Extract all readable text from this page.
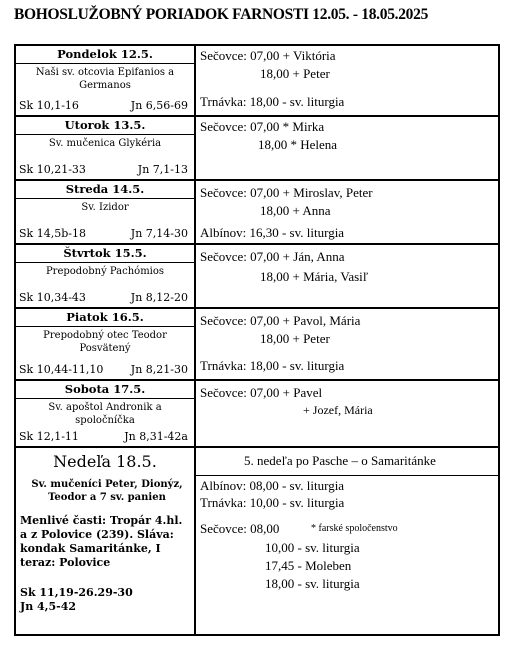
BOHOSLUŽOBNÝ PORIADOK FARNOSTI 12.05. - 18.05.2025
Pondelok 12.5.
Naši sv. otcovia Epifanios a Germanos
Sk 10,1-16	Jn 6,56-69
Sečovce: 07,00 + Viktória
18,00 + Peter
Trnávka: 18,00 - sv. liturgia
Utorok 13.5.
Sv. mučenica Glykéria
Sk 10,21-33	Jn 7,1-13
Sečovce: 07,00 * Mirka
18,00 * Helena
Streda 14.5.
Sv. Izidor
Sk 14,5b-18	Jn 7,14-30
Sečovce: 07,00 + Miroslav, Peter
18,00 + Anna
Albínov: 16,30 - sv. liturgia
Štvrtok 15.5.
Prepodobný Pachómios
Sk 10,34-43	Jn 8,12-20
Sečovce: 07,00 + Ján, Anna
18,00 + Mária, Vasiľ
Piatok 16.5.
Prepodobný otec Teodor Posvätený
Sk 10,44-11,10 Jn 8,21-30
Sečovce: 07,00 + Pavol, Mária
18,00 + Peter
Trnávka: 18,00 - sv. liturgia
Sobota 17.5.
Sv. apoštol Andronik a spoločníčka
Sk 12,1-11	Jn 8,31-42a
Sečovce: 07,00 + Pavel
+ Jozef, Mária
Nedeľa 18.5.
Sv. mučeníci Peter, Dionýz, Teodor a 7 sv. panien
Menlivé časti: Tropár 4.hl. a z Polovice (239). Sláva: kondak Samaritánke, I teraz: Polovice
Sk 11,19-26.29-30
Jn 4,5-42
5. nedeľa po Pasche – o Samaritánke
Albínov: 08,00 - sv. liturgia
Trnávka: 10,00 - sv. liturgia
Sečovce: 08,00	* farské spoločenstvo
10,00 - sv. liturgia
17,45 - Moleben
18,00 - sv. liturgia
